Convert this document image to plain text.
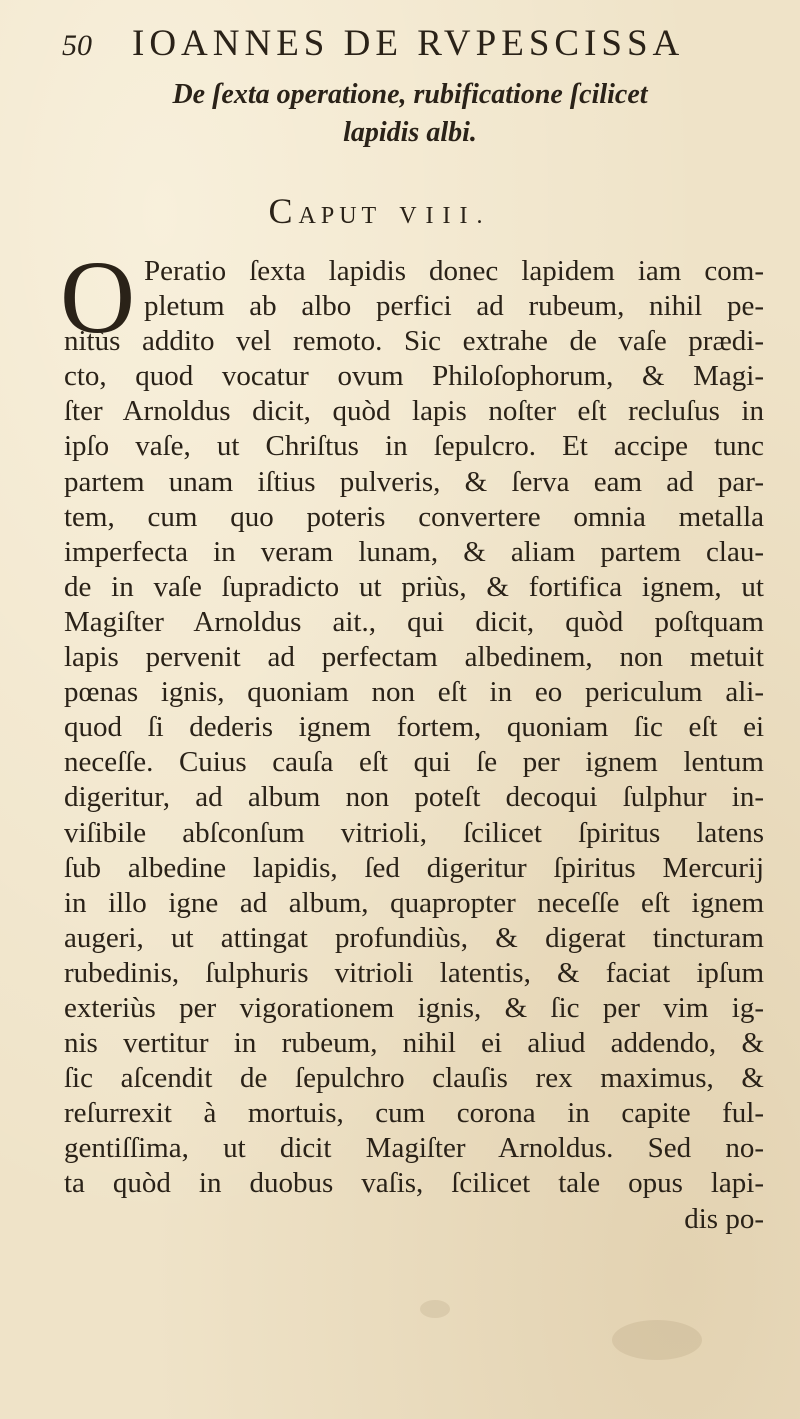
50	IOANNES DE RVPESCISSA
De ſexta operatione, rubificatione ſcilicet
lapidis albi.
CAPUT VIII.
O Peratio ſexta lapidis donec lapidem iam com-
pletum ab albo perfici ad rubeum, nihil pe-
nitùs addito vel remoto. Sic extrahe de vaſe prædi-
cto, quod vocatur ovum Philoſophorum, & Magi-
ſter Arnoldus dicit, quòd lapis noſter eſt recluſus in
ipſo vaſe, ut Chriſtus in ſepulcro. Et accipe tunc
partem unam iſtius pulveris, & ſerva eam ad par-
tem, cum quo poteris convertere omnia metalla
imperfecta in veram lunam, & aliam partem clau-
de in vaſe ſupradicto ut priùs, & fortifica ignem, ut
Magiſter Arnoldus ait., qui dicit, quòd poſtquam
lapis pervenit ad perfectam albedinem, non metuit
pœnas ignis, quoniam non eſt in eo periculum ali-
quod ſi dederis ignem fortem, quoniam ſic eſt ei
neceſſe. Cuius cauſa eſt qui ſe per ignem lentum
digeritur, ad album non poteſt decoqui ſulphur in-
viſibile abſconſum vitrioli, ſcilicet ſpiritus latens
ſub albedine lapidis, ſed digeritur ſpiritus Mercurij
in illo igne ad album, quapropter neceſſe eſt ignem
augeri, ut attingat profundiùs, & digerat tincturam
rubedinis, ſulphuris vitrioli latentis, & faciat ipſum
exteriùs per vigorationem ignis, & ſic per vim ig-
nis vertitur in rubeum, nihil ei aliud addendo, &
ſic aſcendit de ſepulchro clauſis rex maximus, &
reſurrexit à mortuis, cum corona in capite ful-
gentiſſima, ut dicit Magiſter Arnoldus. Sed no-
ta quòd in duobus vaſis, ſcilicet tale opus lapi-
dis po-
